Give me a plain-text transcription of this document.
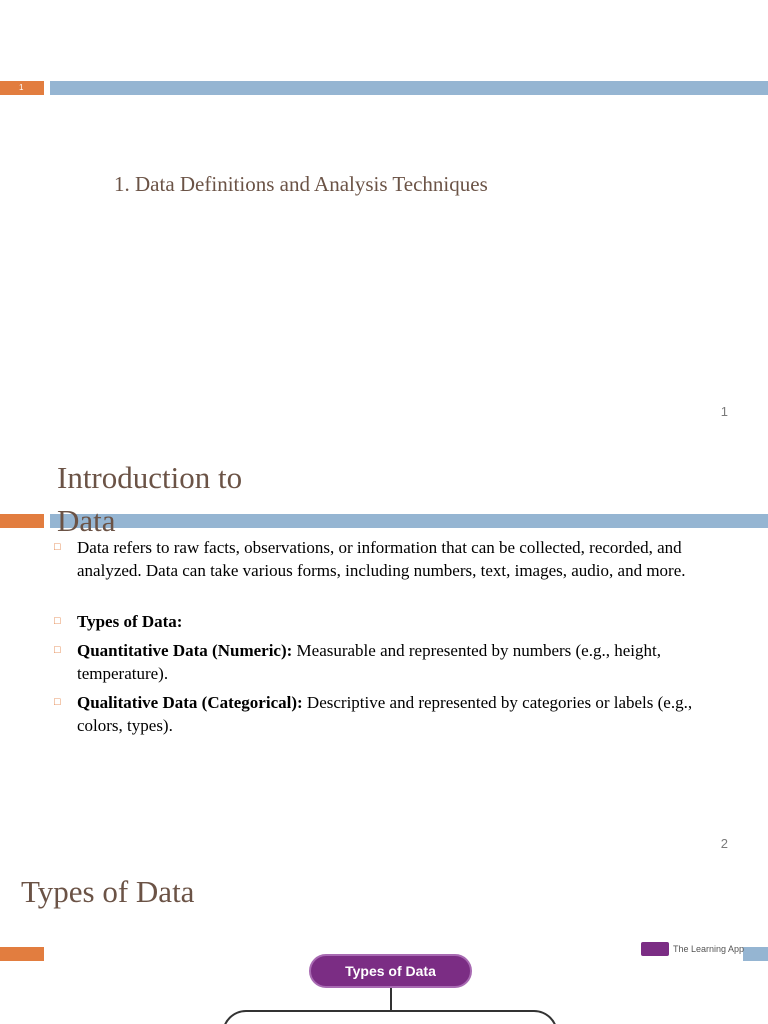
1
1. Data Definitions and Analysis Techniques
1
Introduction to Data
□ Data refers to raw facts, observations, or information that can be collected, recorded, and analyzed. Data can take various forms, including numbers, text, images, audio, and more.
□ Types of Data:
□ Quantitative Data (Numeric): Measurable and represented by numbers (e.g., height, temperature).
□ Qualitative Data (Categorical): Descriptive and represented by categories or labels (e.g., colors, types).
2
Types of Data
The Learning App
Types of Data
